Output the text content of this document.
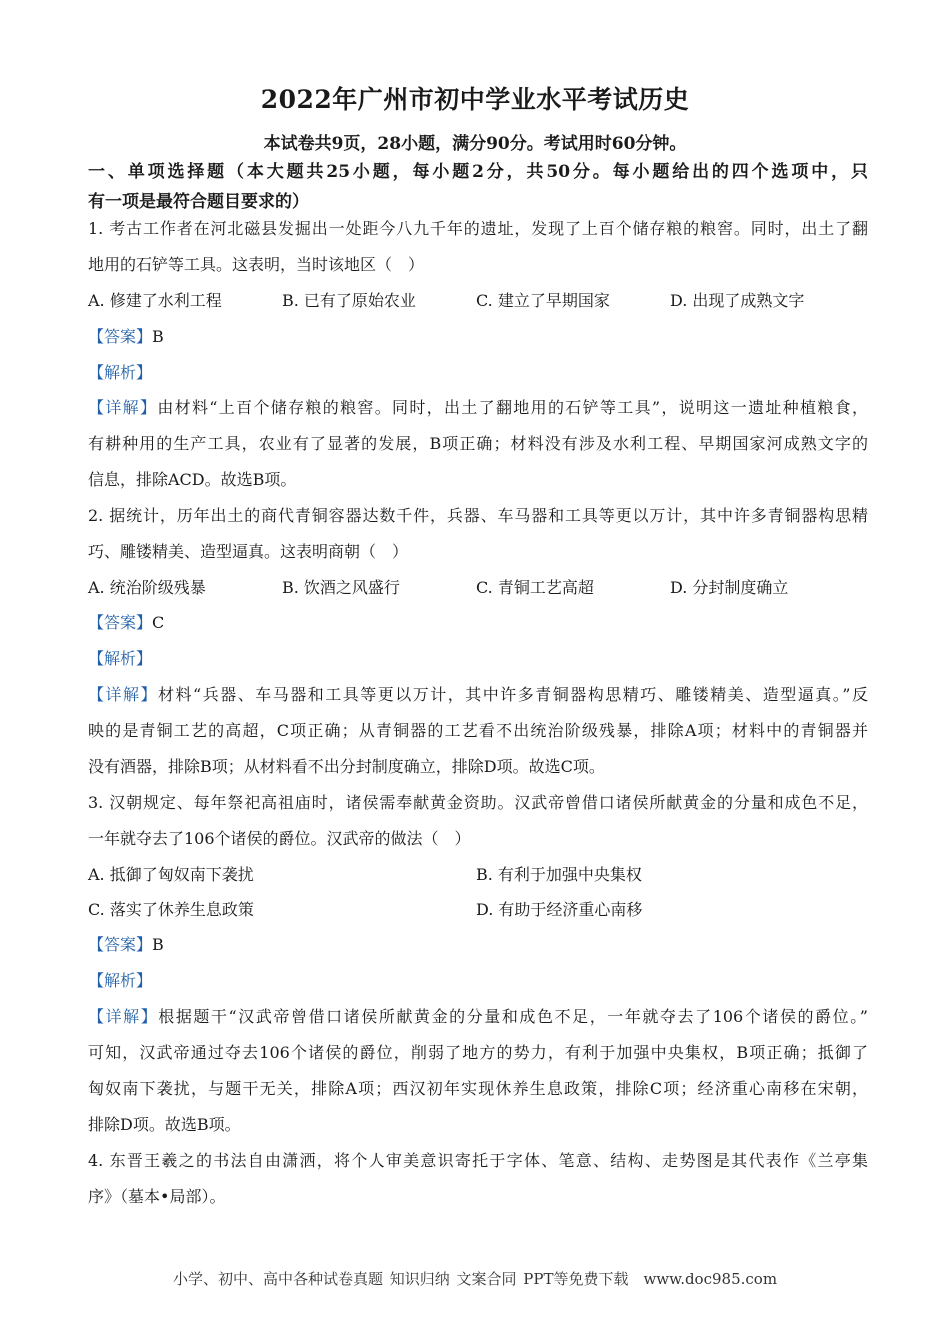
2022年广州市初中学业水平考试历史
本试卷共9页，28小题，满分90分。考试用时60分钟。
一、单项选择题（本大题共25小题，每小题2分，共50分。每小题给出的四个选项中，只
有一项是最符合题目要求的）
1. 考古工作者在河北磁县发掘出一处距今八九千年的遗址，发现了上百个储存粮的粮窖。同时，出土了翻
地用的石铲等工具。这表明，当时该地区（　）
A. 修建了水利工程	B. 已有了原始农业	C. 建立了早期国家	D. 出现了成熟文字
【答案】B
【解析】
【详解】由材料“上百个储存粮的粮窖。同时，出土了翻地用的石铲等工具”，说明这一遗址种植粮食，
有耕种用的生产工具，农业有了显著的发展，B项正确；材料没有涉及水利工程、早期国家河成熟文字的
信息，排除ACD。故选B项。
2. 据统计，历年出土的商代青铜容器达数千件，兵器、车马器和工具等更以万计，其中许多青铜器构思精
巧、雕镂精美、造型逼真。这表明商朝（　）
A. 统治阶级残暴	B. 饮酒之风盛行	C. 青铜工艺高超	D. 分封制度确立
【答案】C
【解析】
【详解】材料“兵器、车马器和工具等更以万计，其中许多青铜器构思精巧、雕镂精美、造型逼真。”反
映的是青铜工艺的高超，C项正确；从青铜器的工艺看不出统治阶级残暴，排除A项；材料中的青铜器并
没有酒器，排除B项；从材料看不出分封制度确立，排除D项。故选C项。
3. 汉朝规定、每年祭祀高祖庙时，诸侯需奉献黄金资助。汉武帝曾借口诸侯所献黄金的分量和成色不足，
一年就夺去了106个诸侯的爵位。汉武帝的做法（　）
A. 抵御了匈奴南下袭扰	B. 有利于加强中央集权
C. 落实了休养生息政策	D. 有助于经济重心南移
【答案】B
【解析】
【详解】根据题干“汉武帝曾借口诸侯所献黄金的分量和成色不足，一年就夺去了106个诸侯的爵位。”
可知，汉武帝通过夺去106个诸侯的爵位，削弱了地方的势力，有利于加强中央集权，B项正确；抵御了
匈奴南下袭扰，与题干无关，排除A项；西汉初年实现休养生息政策，排除C项；经济重心南移在宋朝，
排除D项。故选B项。
4. 东晋王羲之的书法自由潇洒，将个人审美意识寄托于字体、笔意、结构、走势图是其代表作《兰亭集
序》（墓本•局部）。
小学、初中、高中各种试卷真题 知识归纳 文案合同 PPT等免费下载　www.doc985.com
